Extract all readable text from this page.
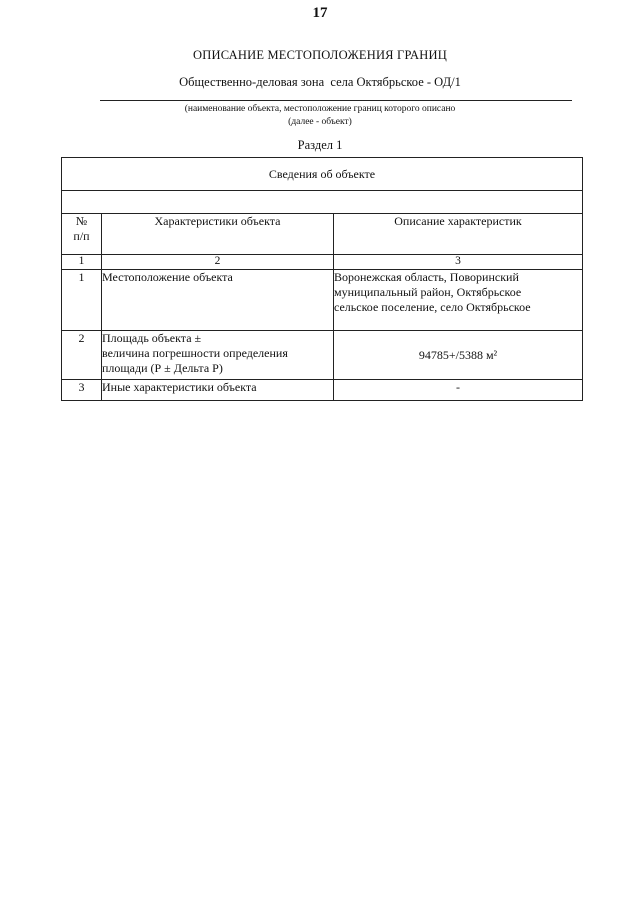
17
ОПИСАНИЕ МЕСТОПОЛОЖЕНИЯ ГРАНИЦ
Общественно-деловая зона  села Октябрьское - ОД/1
(наименование объекта, местоположение границ которого описано
(далее - объект)
Раздел 1
Сведения об объекте		

№
п/п	Характеристики объекта	Описание характеристик
1	2	3
1	Местоположение объекта	Воронежская область, Поворинский
муниципальный район, Октябрьское
сельское поселение, село Октябрьское
2	Площадь объекта ±
величина погрешности определения
площади (Р ± Дельта Р)	94785+/5388 м²
3	Иные характеристики объекта	-
